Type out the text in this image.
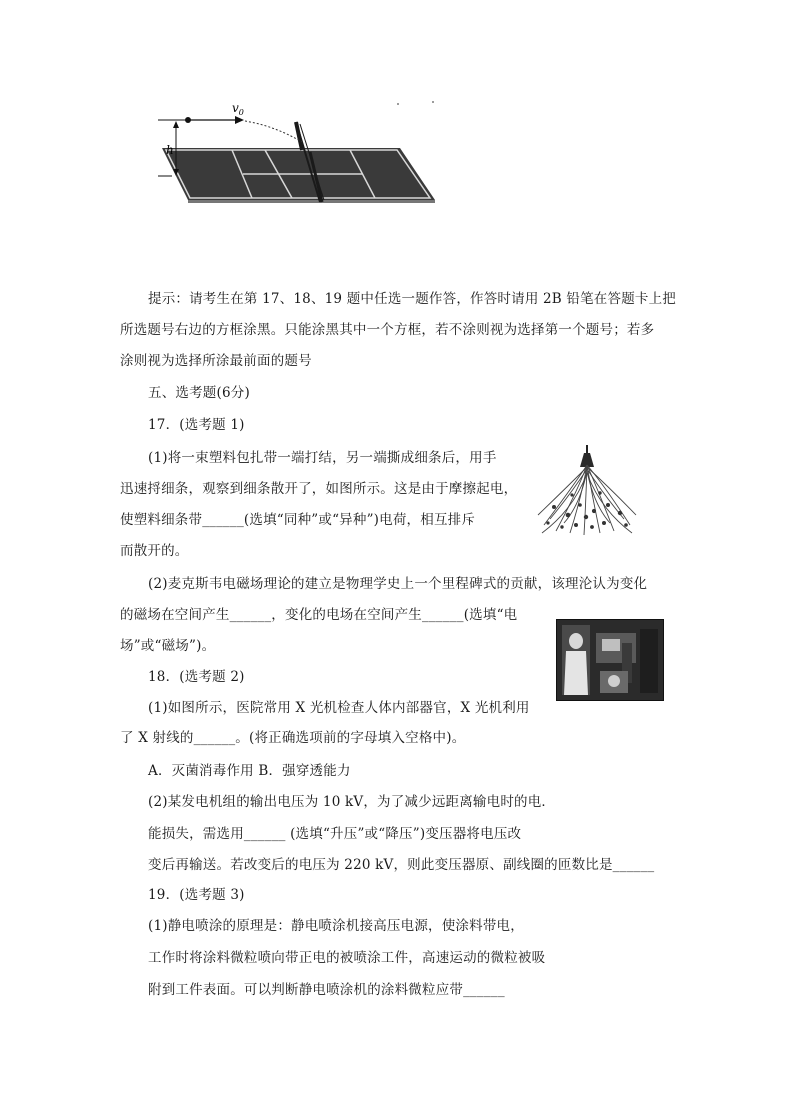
h
$v_0$
提示：请考生在第 17、18、19 题中任选一题作答，作答时请用 2B 铅笔在答题卡上把
所选题号右边的方框涂黑。只能涂黑其中一个方框，若不涂则视为选择第一个题号；若多
涂则视为选择所涂最前面的题号
五、选考题(6分)
17．(选考题 1)
(1)将一束塑料包扎带一端打结，另一端撕成细条后，用手
迅速捋细条，观察到细条散开了，如图所示。这是由于摩擦起电，
使塑料细条带______(选填“同种”或“异种”)电荷，相互排斥
而散开的。
(2)麦克斯韦电磁场理论的建立是物理学史上一个里程碑式的贡献，该理沦认为变化
的磁场在空间产生______，变化的电场在空间产生______(选填“电
场”或“磁场”)。
18．(选考题 2)
(1)如图所示，医院常用 X 光机检查人体内部器官，X 光机利用
了 X 射线的______。(将正确选项前的字母填入空格中)。
A．灭菌消毒作用 B．强穿透能力
(2)某发电机组的输出电压为 10 kV，为了减少远距离输电时的电．
能损失，需选用______ (选填“升压”或“降压”)变压器将电压改
变后再输送。若改变后的电压为 220 kV，则此变压器原、副线圈的匝数比是______
19．(选考题 3)
(1)静电喷涂的原理是：静电喷涂机接高压电源，使涂料带电，
工作时将涂料微粒喷向带正电的被喷涂工件，高速运动的微粒被吸
附到工件表面。可以判断静电喷涂机的涂料微粒应带______
